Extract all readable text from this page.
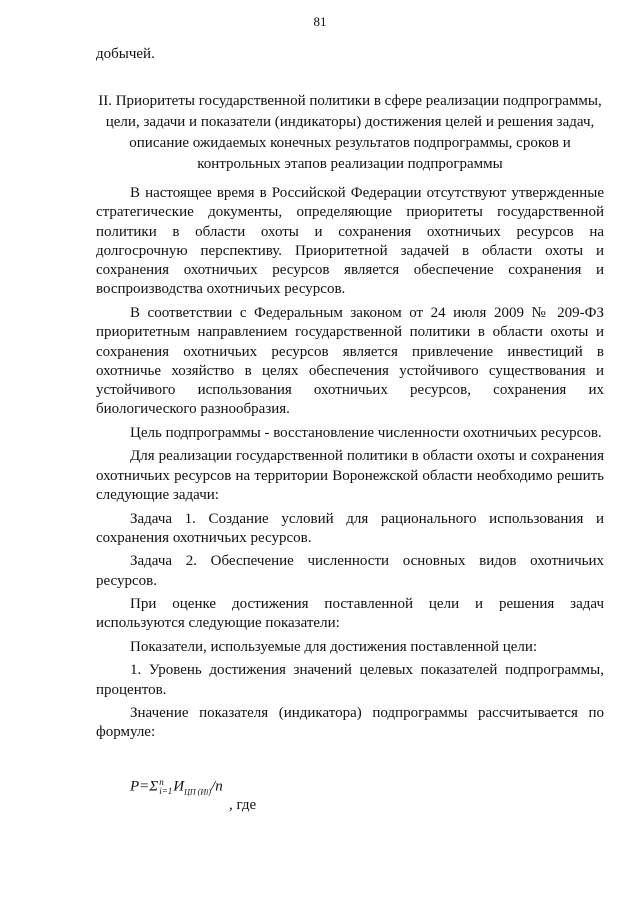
81
добычей.
II. Приоритеты государственной политики в сфере реализации подпрограммы,
цели, задачи и показатели (индикаторы) достижения целей и решения задач,
описание ожидаемых конечных результатов подпрограммы, сроков и
контрольных этапов реализации подпрограммы

В настоящее время в Российской Федерации отсутствуют утвержденные стратегические документы, определяющие приоритеты государственной политики в области охоты и сохранения охотничьих ресурсов на долгосрочную перспективу. Приоритетной задачей в области охоты и сохранения охотничьих ресурсов является обеспечение сохранения и воспроизводства охотничьих ресурсов.

В соответствии с Федеральным законом от 24 июля 2009 № 209-ФЗ приоритетным направлением государственной политики в области охоты и сохранения охотничьих ресурсов является привлечение инвестиций в охотничье хозяйство в целях обеспечения устойчивого существования и устойчивого использования охотничьих ресурсов, сохранения их биологического разнообразия.

Цель подпрограммы - восстановление численности охотничьих ресурсов.

Для реализации государственной политики в области охоты и сохранения охотничьих ресурсов на территории Воронежской области необходимо решить следующие задачи:

Задача 1. Создание условий для рационального использования и сохранения охотничьих ресурсов.

Задача 2. Обеспечение численности основных видов охотничьих ресурсов.

При оценке достижения поставленной цели и решения задач используются следующие показатели:

Показатели, используемые для достижения поставленной цели:

1. Уровень достижения значений целевых показателей подпрограммы, процентов.

Значение показателя (индикатора) подпрограммы рассчитывается по формуле:

P=Σ n
i=1 $И_{ЦП (Иi)}/n$
, где
